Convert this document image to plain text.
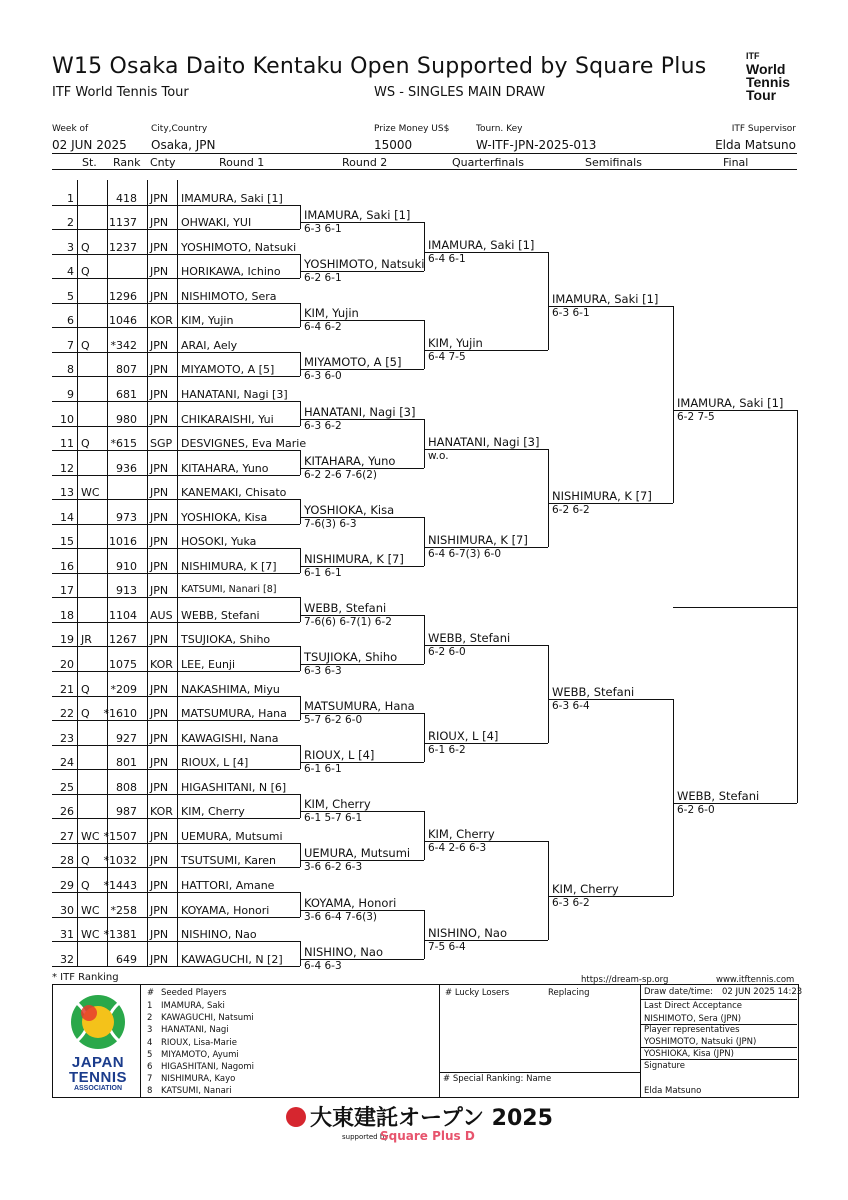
W15 Osaka Daito Kentaku Open Supported by Square Plus
ITF World Tennis Tour	WS - SINGLES MAIN DRAW
ITF
World
Tennis
Tour
Week of	City,Country	Prize Money US$	Tourn. Key	ITF Supervisor
02 JUN 2025 Osaka, JPN	15000	W-ITF-JPN-2025-013	Elda Matsuno
St. Rank Cnty	Round 1	Round 2	Quarterfinals	Semifinals	Final
1	418 JPN IMAMURA, Saki [1]
2	1137 JPN OHWAKI, YUI
3 Q	1237 JPN YOSHIMOTO, Natsuki
4 Q	JPN HORIKAWA, Ichino
5	1296 JPN NISHIMOTO, Sera
6	1046 KOR KIM, Yujin
7 Q	*342 JPN ARAI, Aely
8	807 JPN MIYAMOTO, A [5]
9	681 JPN HANATANI, Nagi [3]
10	980 JPN CHIKARAISHI, Yui
11 Q	*615 SGP DESVIGNES, Eva Marie
12	936 JPN KITAHARA, Yuno
13 WC	JPN KANEMAKI, Chisato
14	973 JPN YOSHIOKA, Kisa
15	1016 JPN HOSOKI, Yuka
16	910 JPN NISHIMURA, K [7]
17	913 JPN KATSUMI, Nanari [8]
18	1104 AUS WEBB, Stefani
19 JR	1267 JPN TSUJIOKA, Shiho
20	1075 KOR LEE, Eunji
21 Q	*209 JPN NAKASHIMA, Miyu
22 Q	*1610 JPN MATSUMURA, Hana
23	927 JPN KAWAGISHI, Nana
24	801 JPN RIOUX, L [4]
25	808 JPN HIGASHITANI, N [6]
26	987 KOR KIM, Cherry
27 WC *1507 JPN UEMURA, Mutsumi
28 Q	*1032 JPN TSUTSUMI, Karen
29 Q	*1443 JPN HATTORI, Amane
30 WC *258 JPN KOYAMA, Honori
31 WC *1381 JPN NISHINO, Nao
32	649 JPN KAWAGUCHI, N [2]
IMAMURA, Saki [1]
6-3 6-1
YOSHIMOTO, Natsuki
6-2 6-1
KIM, Yujin
6-4 6-2
MIYAMOTO, A [5]
6-3 6-0
HANATANI, Nagi [3]
6-3 6-2
KITAHARA, Yuno
6-2 2-6 7-6(2)
YOSHIOKA, Kisa
7-6(3) 6-3
NISHIMURA, K [7]
6-1 6-1
WEBB, Stefani
7-6(6) 6-7(1) 6-2
TSUJIOKA, Shiho
6-3 6-3
MATSUMURA, Hana
5-7 6-2 6-0
RIOUX, L [4]
6-1 6-1
KIM, Cherry
6-1 5-7 6-1
UEMURA, Mutsumi
3-6 6-2 6-3
KOYAMA, Honori
3-6 6-4 7-6(3)
NISHINO, Nao
6-4 6-3
IMAMURA, Saki [1]
6-4 6-1
KIM, Yujin
6-4 7-5
HANATANI, Nagi [3]
w.o.
NISHIMURA, K [7]
6-4 6-7(3) 6-0
WEBB, Stefani
6-2 6-0
RIOUX, L [4]
6-1 6-2
KIM, Cherry
6-4 2-6 6-3
NISHINO, Nao
7-5 6-4
IMAMURA, Saki [1]
6-3 6-1
NISHIMURA, K [7]
6-2 6-2
WEBB, Stefani
6-3 6-4
KIM, Cherry
6-3 6-2
IMAMURA, Saki [1]
6-2 7-5
WEBB, Stefani
6-2 6-0
* ITF Ranking	https://dream-sp.org	www.itftennis.com
JAPAN
TENNIS
ASSOCIATION
# Seeded Players
1 IMAMURA, Saki
2 KAWAGUCHI, Natsumi
3 HANATANI, Nagi
4 RIOUX, Lisa-Marie
5 MIYAMOTO, Ayumi
6 HIGASHITANI, Nagomi
7 NISHIMURA, Kayo
8 KATSUMI, Nanari
# Lucky Losers	Replacing
# Special Ranking: Name
Draw date/time: 02 JUN 2025 14:23
Last Direct Acceptance
NISHIMOTO, Sera (JPN)
Player representatives
YOSHIMOTO, Natsuki (JPN)
YOSHIOKA, Kisa (JPN)
Signature
Elda Matsuno
大東建託オープン 2025
supported by
Square Plus D
